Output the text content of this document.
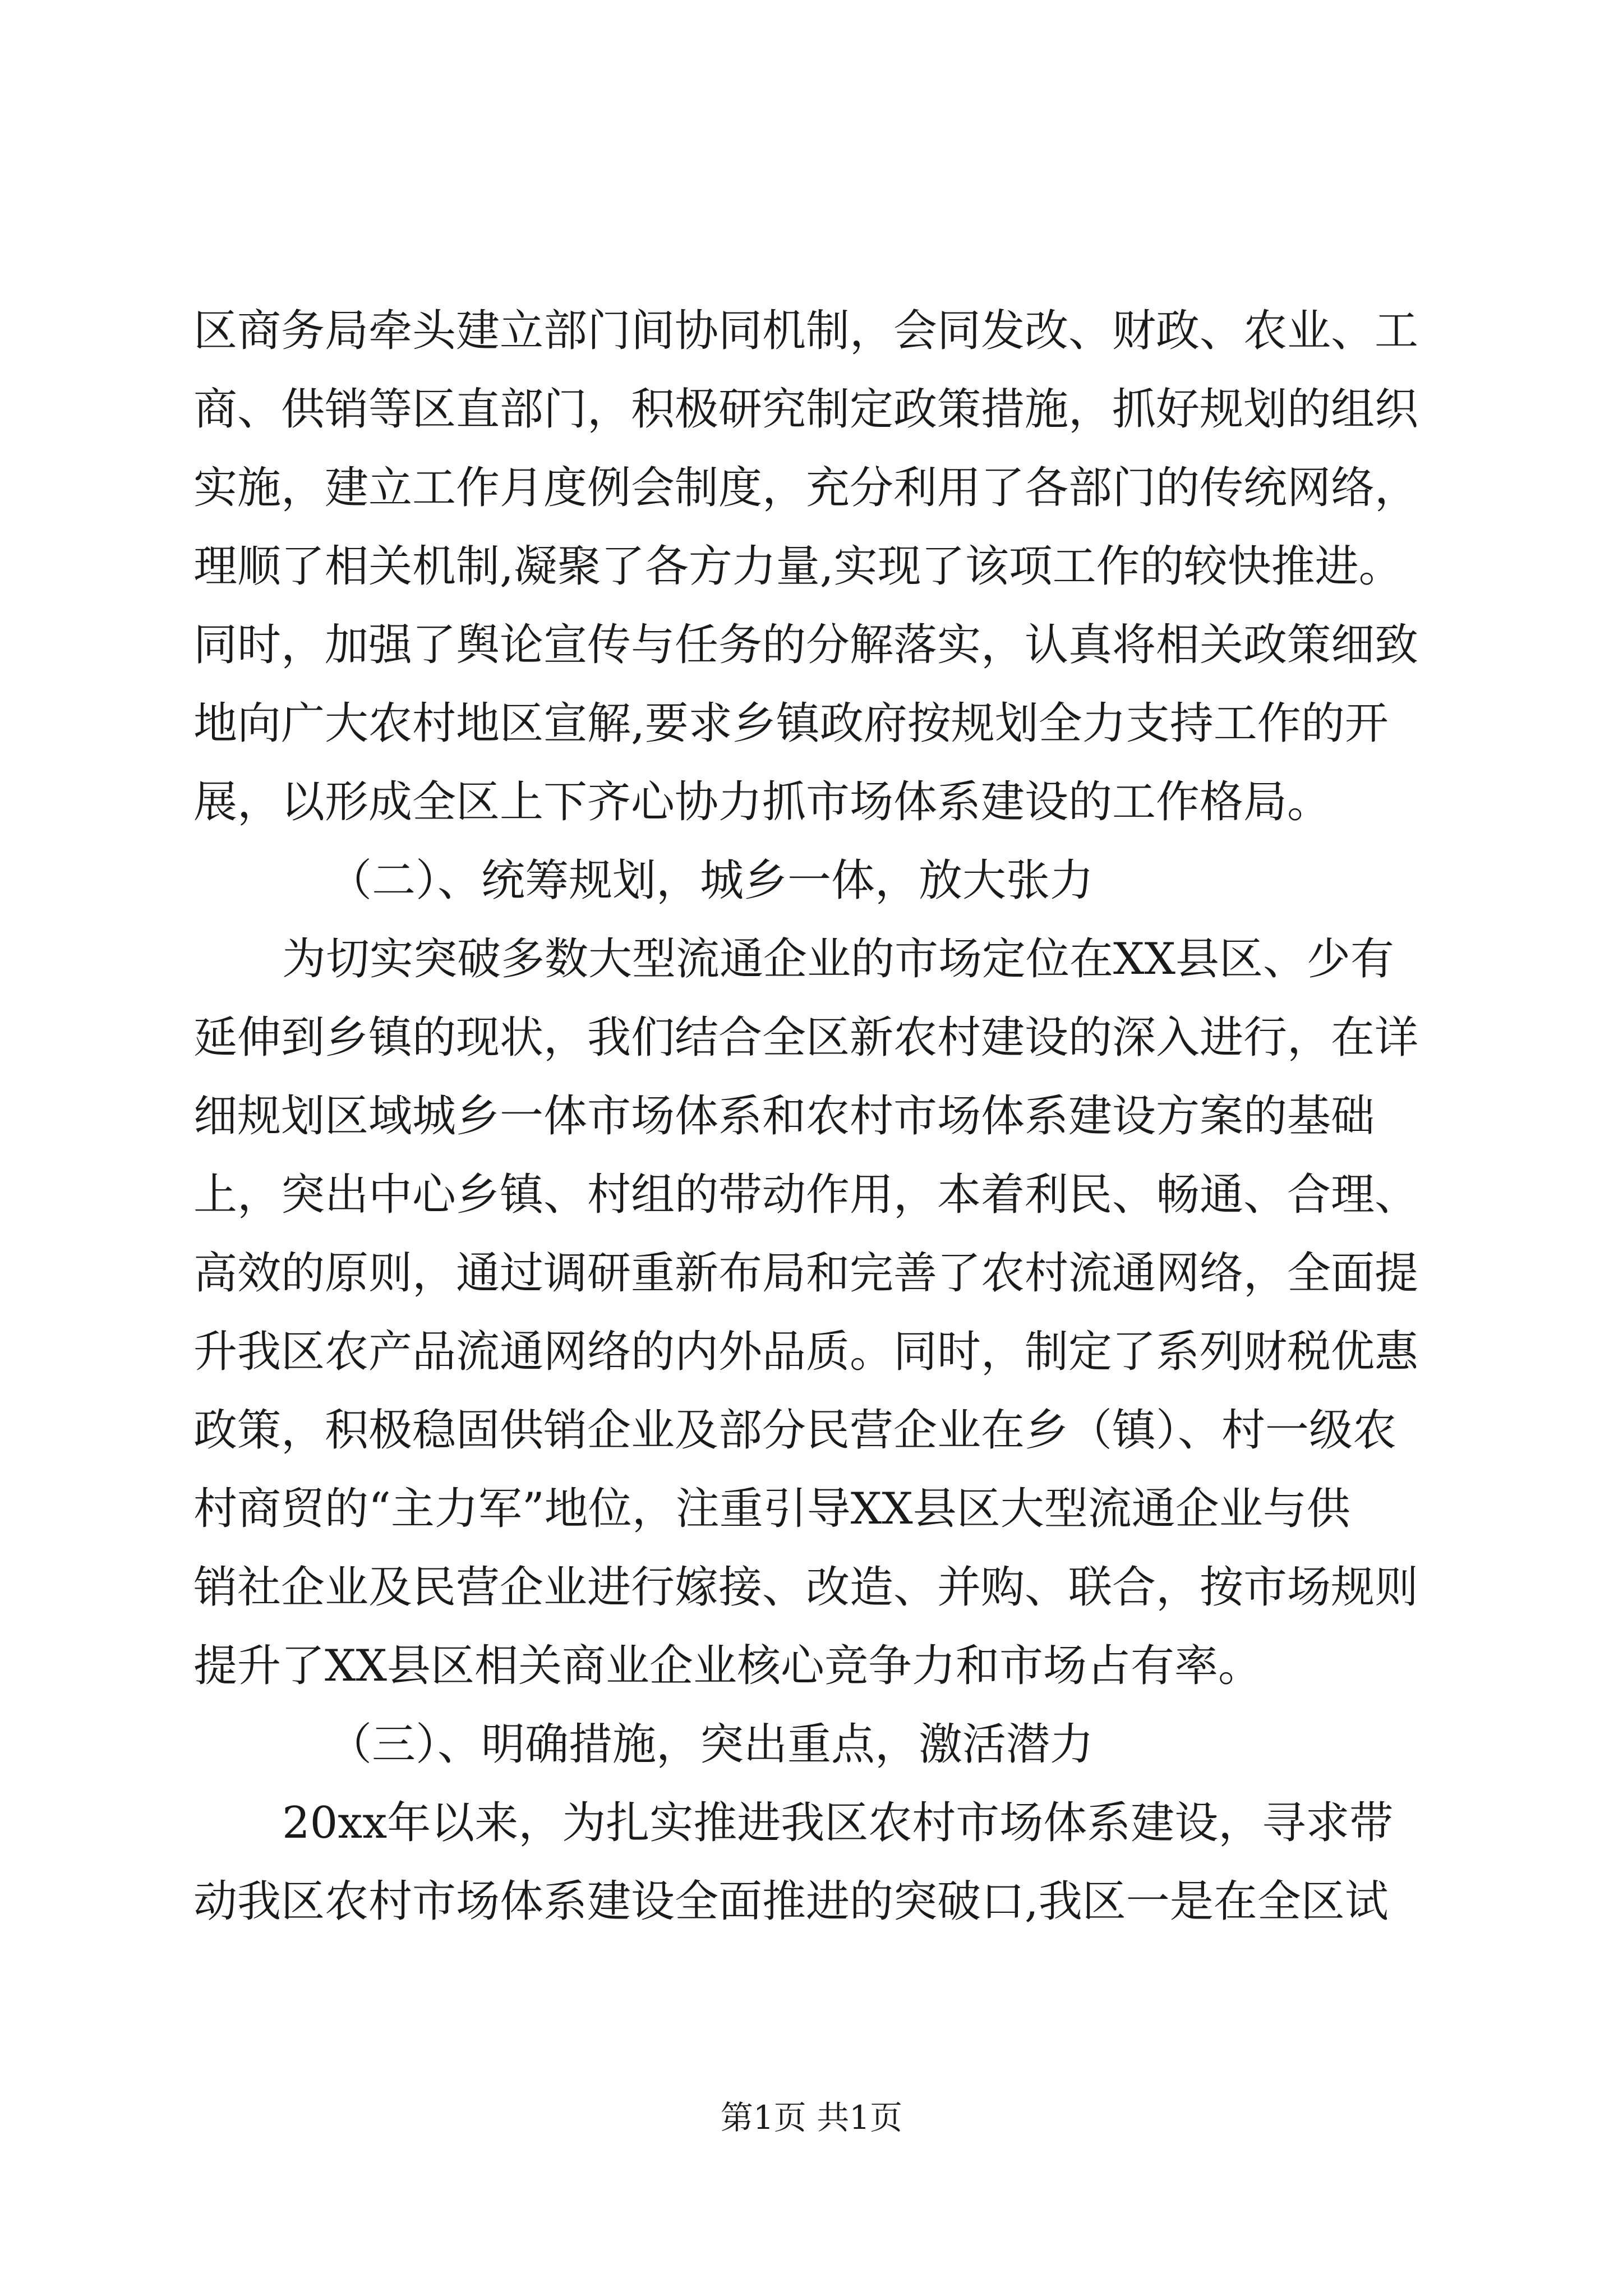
区商务局牵头建立部门间协同机制，会同发改、财政、农业、工
商、供销等区直部门，积极研究制定政策措施，抓好规划的组织
实施，建立工作月度例会制度，充分利用了各部门的传统网络，
理顺了相关机制,凝聚了各方力量,实现了该项工作的较快推进。
同时，加强了舆论宣传与任务的分解落实，认真将相关政策细致
地向广大农村地区宣解,要求乡镇政府按规划全力支持工作的开
展，以形成全区上下齐心协力抓市场体系建设的工作格局。
（二）、统筹规划，城乡一体，放大张力
为切实突破多数大型流通企业的市场定位在XX县区、少有
延伸到乡镇的现状，我们结合全区新农村建设的深入进行，在详
细规划区域城乡一体市场体系和农村市场体系建设方案的基础
上，突出中心乡镇、村组的带动作用，本着利民、畅通、合理、
高效的原则，通过调研重新布局和完善了农村流通网络，全面提
升我区农产品流通网络的内外品质。同时，制定了系列财税优惠
政策，积极稳固供销企业及部分民营企业在乡（镇）、村一级农
村商贸的“主力军”地位，注重引导XX县区大型流通企业与供
销社企业及民营企业进行嫁接、改造、并购、联合，按市场规则
提升了XX县区相关商业企业核心竞争力和市场占有率。
（三）、明确措施，突出重点，激活潜力
20xx年以来，为扎实推进我区农村市场体系建设，寻求带
动我区农村市场体系建设全面推进的突破口,我区一是在全区试
第1页 共1页
